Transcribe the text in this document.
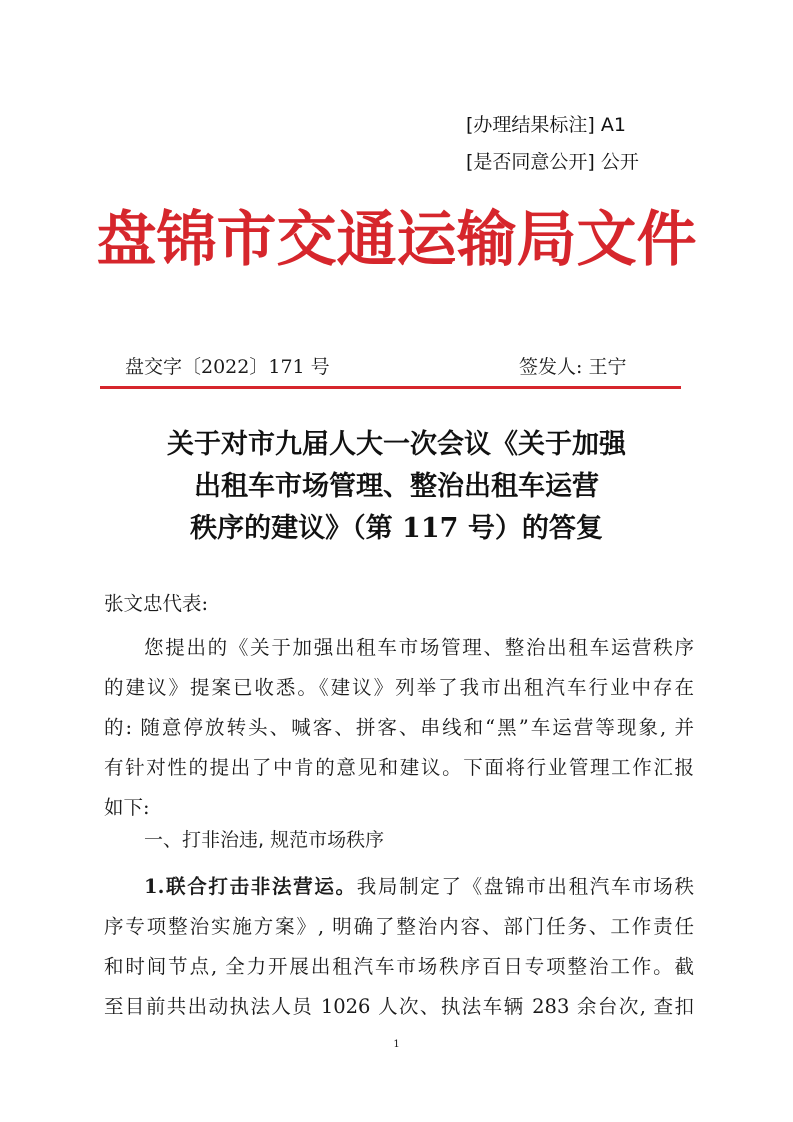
[办理结果标注] A1
[是否同意公开] 公开
盘锦市交通运输局文件
盘交字〔2022〕171 号	签发人: 王宁
关于对市九届人大一次会议《关于加强
出租车市场管理、整治出租车运营
秩序的建议》（第 117 号）的答复
张文忠代表:
您提出的《关于加强出租车市场管理、整治出租车运营秩序
的建议》提案已收悉。《建议》列举了我市出租汽车行业中存在
的: 随意停放转头、喊客、拼客、串线和“黑”车运营等现象, 并
有针对性的提出了中肯的意见和建议。下面将行业管理工作汇报
如下:
一、打非治违, 规范市场秩序
1.联合打击非法营运。我局制定了《盘锦市出租汽车市场秩
序专项整治实施方案》, 明确了整治内容、部门任务、工作责任
和时间节点, 全力开展出租汽车市场秩序百日专项整治工作。截
至目前共出动执法人员 1026 人次、执法车辆 283 余台次, 查扣
1
